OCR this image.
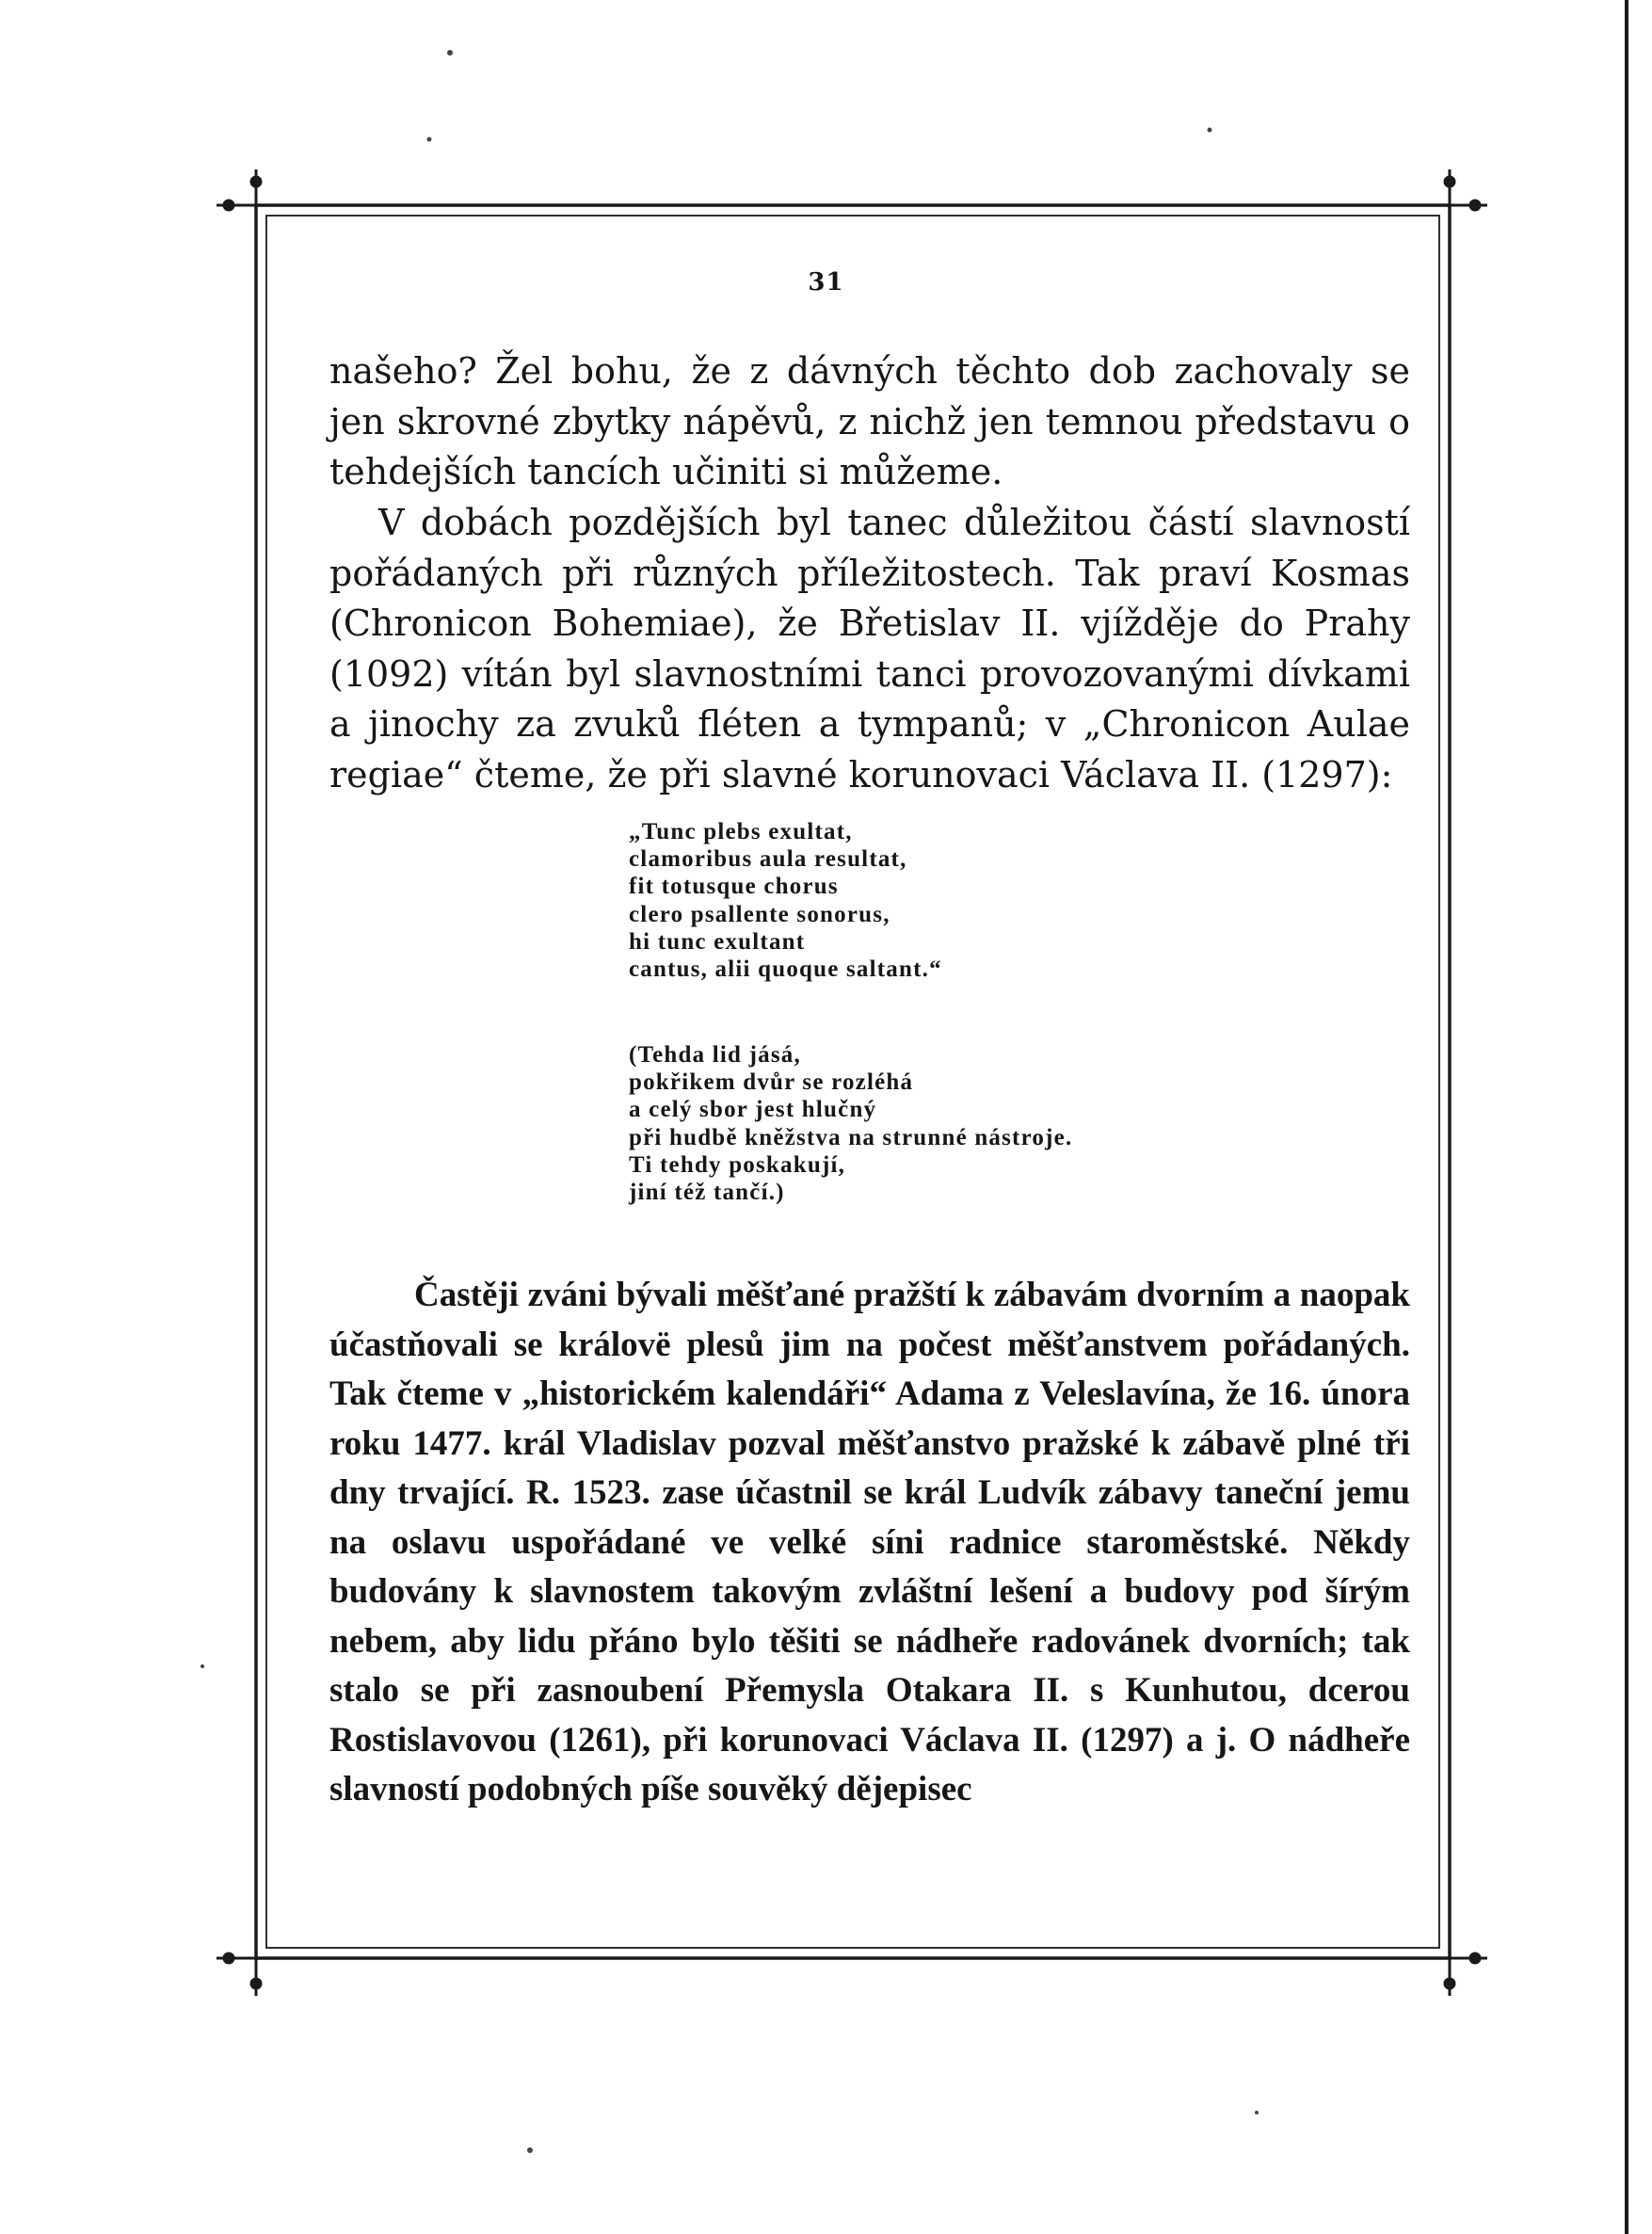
31

našeho? Žel bohu, že z dávných těchto dob zachovaly se jen skrovné zbytky nápěvů, z nichž jen temnou představu o tehdejších tancích učiniti si můžeme.

V dobách pozdějších byl tanec důležitou částí slavností pořádaných při různých příležitostech. Tak praví Kosmas (Chronicon Bohemiae), že Břetislav II. vjížděje do Prahy (1092) vítán byl slavnostními tanci provozovanými dívkami a jinochy za zvuků fléten a tympanů; v „Chronicon Aulae regiae“ čteme, že při slavné korunovaci Václava II. (1297):

„Tunc plebs exultat,
clamoribus aula resultat,
fit totusque chorus
clero psallente sonorus,
hi tunc exultant
cantus, alii quoque saltant.“
(Tehda lid jásá,
pokřikem dvůr se rozléhá
a celý sbor jest hlučný
při hudbě kněžstva na strunné nástroje.
Ti tehdy poskakují,
jiní též tančí.)

Častěji zváni bývali měšťané pražští k zábavám dvorním a naopak účastňovali se královë plesů jim na počest měšťanstvem pořádaných. Tak čteme v „historickém kalendáři“ Adama z Veleslavína, že 16. února roku 1477. král Vladislav pozval měšťanstvo pražské k zábavě plné tři dny trvající. R. 1523. zase účastnil se král Ludvík zábavy taneční jemu na oslavu uspořádané ve velké síni radnice staroměstské. Někdy budovány k slavnostem takovým zvláštní lešení a budovy pod šírým nebem, aby lidu přáno bylo těšiti se nádheře radovánek dvorních; tak stalo se při zasnoubení Přemysla Otakara II. s Kunhutou, dcerou Rostislavovou (1261), při korunovaci Václava II. (1297) a j. O nádheře slavností podobných píše souvěký dějepisec
